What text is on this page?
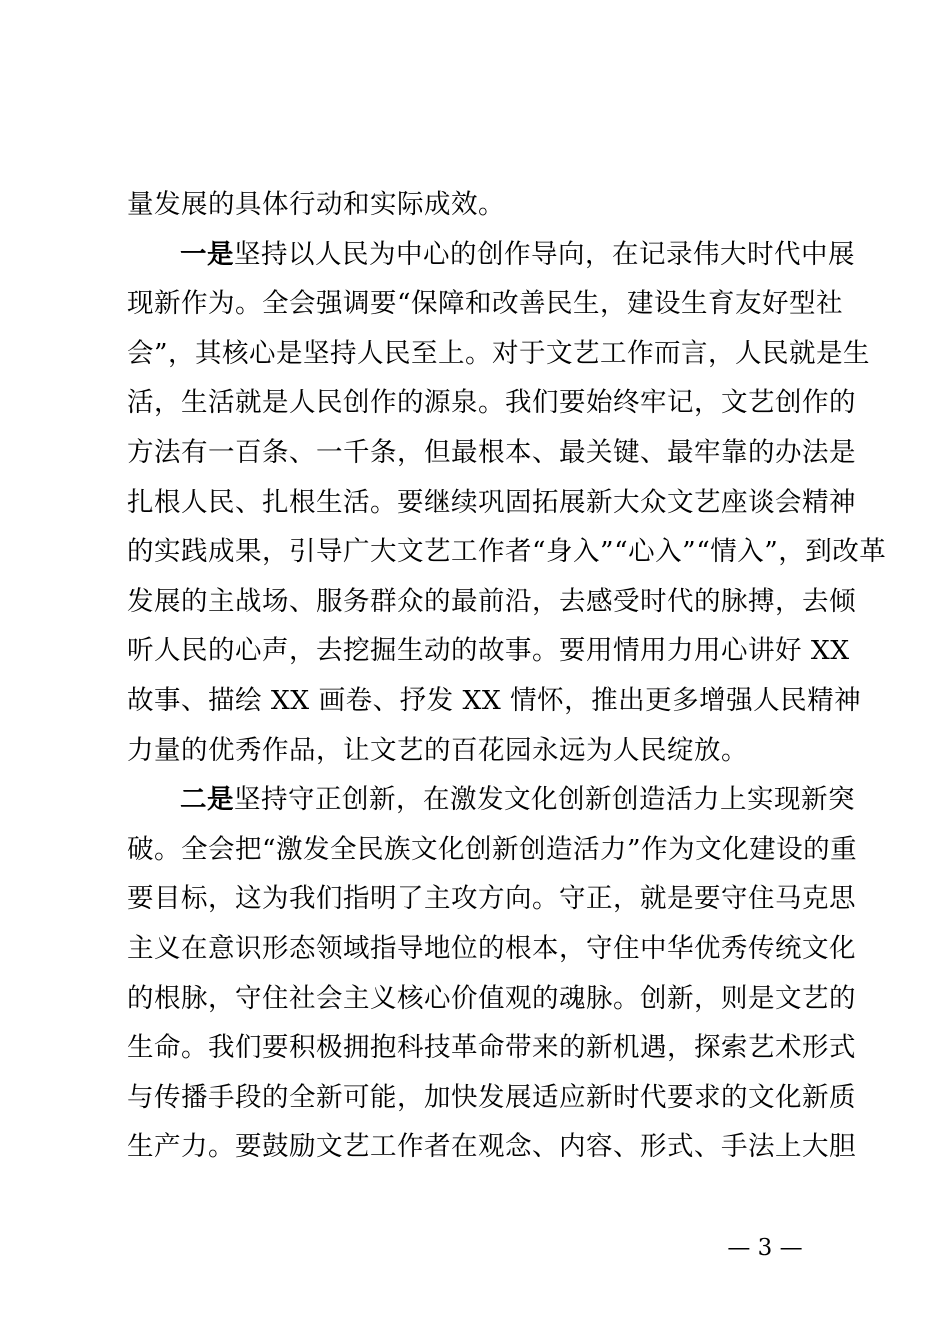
量发展的具体行动和实际成效。
一是坚持以人民为中心的创作导向，在记录伟大时代中展
现新作为。全会强调要“保障和改善民生，建设生育友好型社
会”，其核心是坚持人民至上。对于文艺工作而言，人民就是生
活，生活就是人民创作的源泉。我们要始终牢记，文艺创作的
方法有一百条、一千条，但最根本、最关键、最牢靠的办法是
扎根人民、扎根生活。要继续巩固拓展新大众文艺座谈会精神
的实践成果，引导广大文艺工作者“身入”“心入”“情入”，到改革
发展的主战场、服务群众的最前沿，去感受时代的脉搏，去倾
听人民的心声，去挖掘生动的故事。要用情用力用心讲好 XX
故事、描绘 XX 画卷、抒发 XX 情怀，推出更多增强人民精神
力量的优秀作品，让文艺的百花园永远为人民绽放。
二是坚持守正创新，在激发文化创新创造活力上实现新突
破。全会把“激发全民族文化创新创造活力”作为文化建设的重
要目标，这为我们指明了主攻方向。守正，就是要守住马克思
主义在意识形态领域指导地位的根本，守住中华优秀传统文化
的根脉，守住社会主义核心价值观的魂脉。创新，则是文艺的
生命。我们要积极拥抱科技革命带来的新机遇，探索艺术形式
与传播手段的全新可能，加快发展适应新时代要求的文化新质
生产力。要鼓励文艺工作者在观念、内容、形式、手法上大胆
— 3 —
